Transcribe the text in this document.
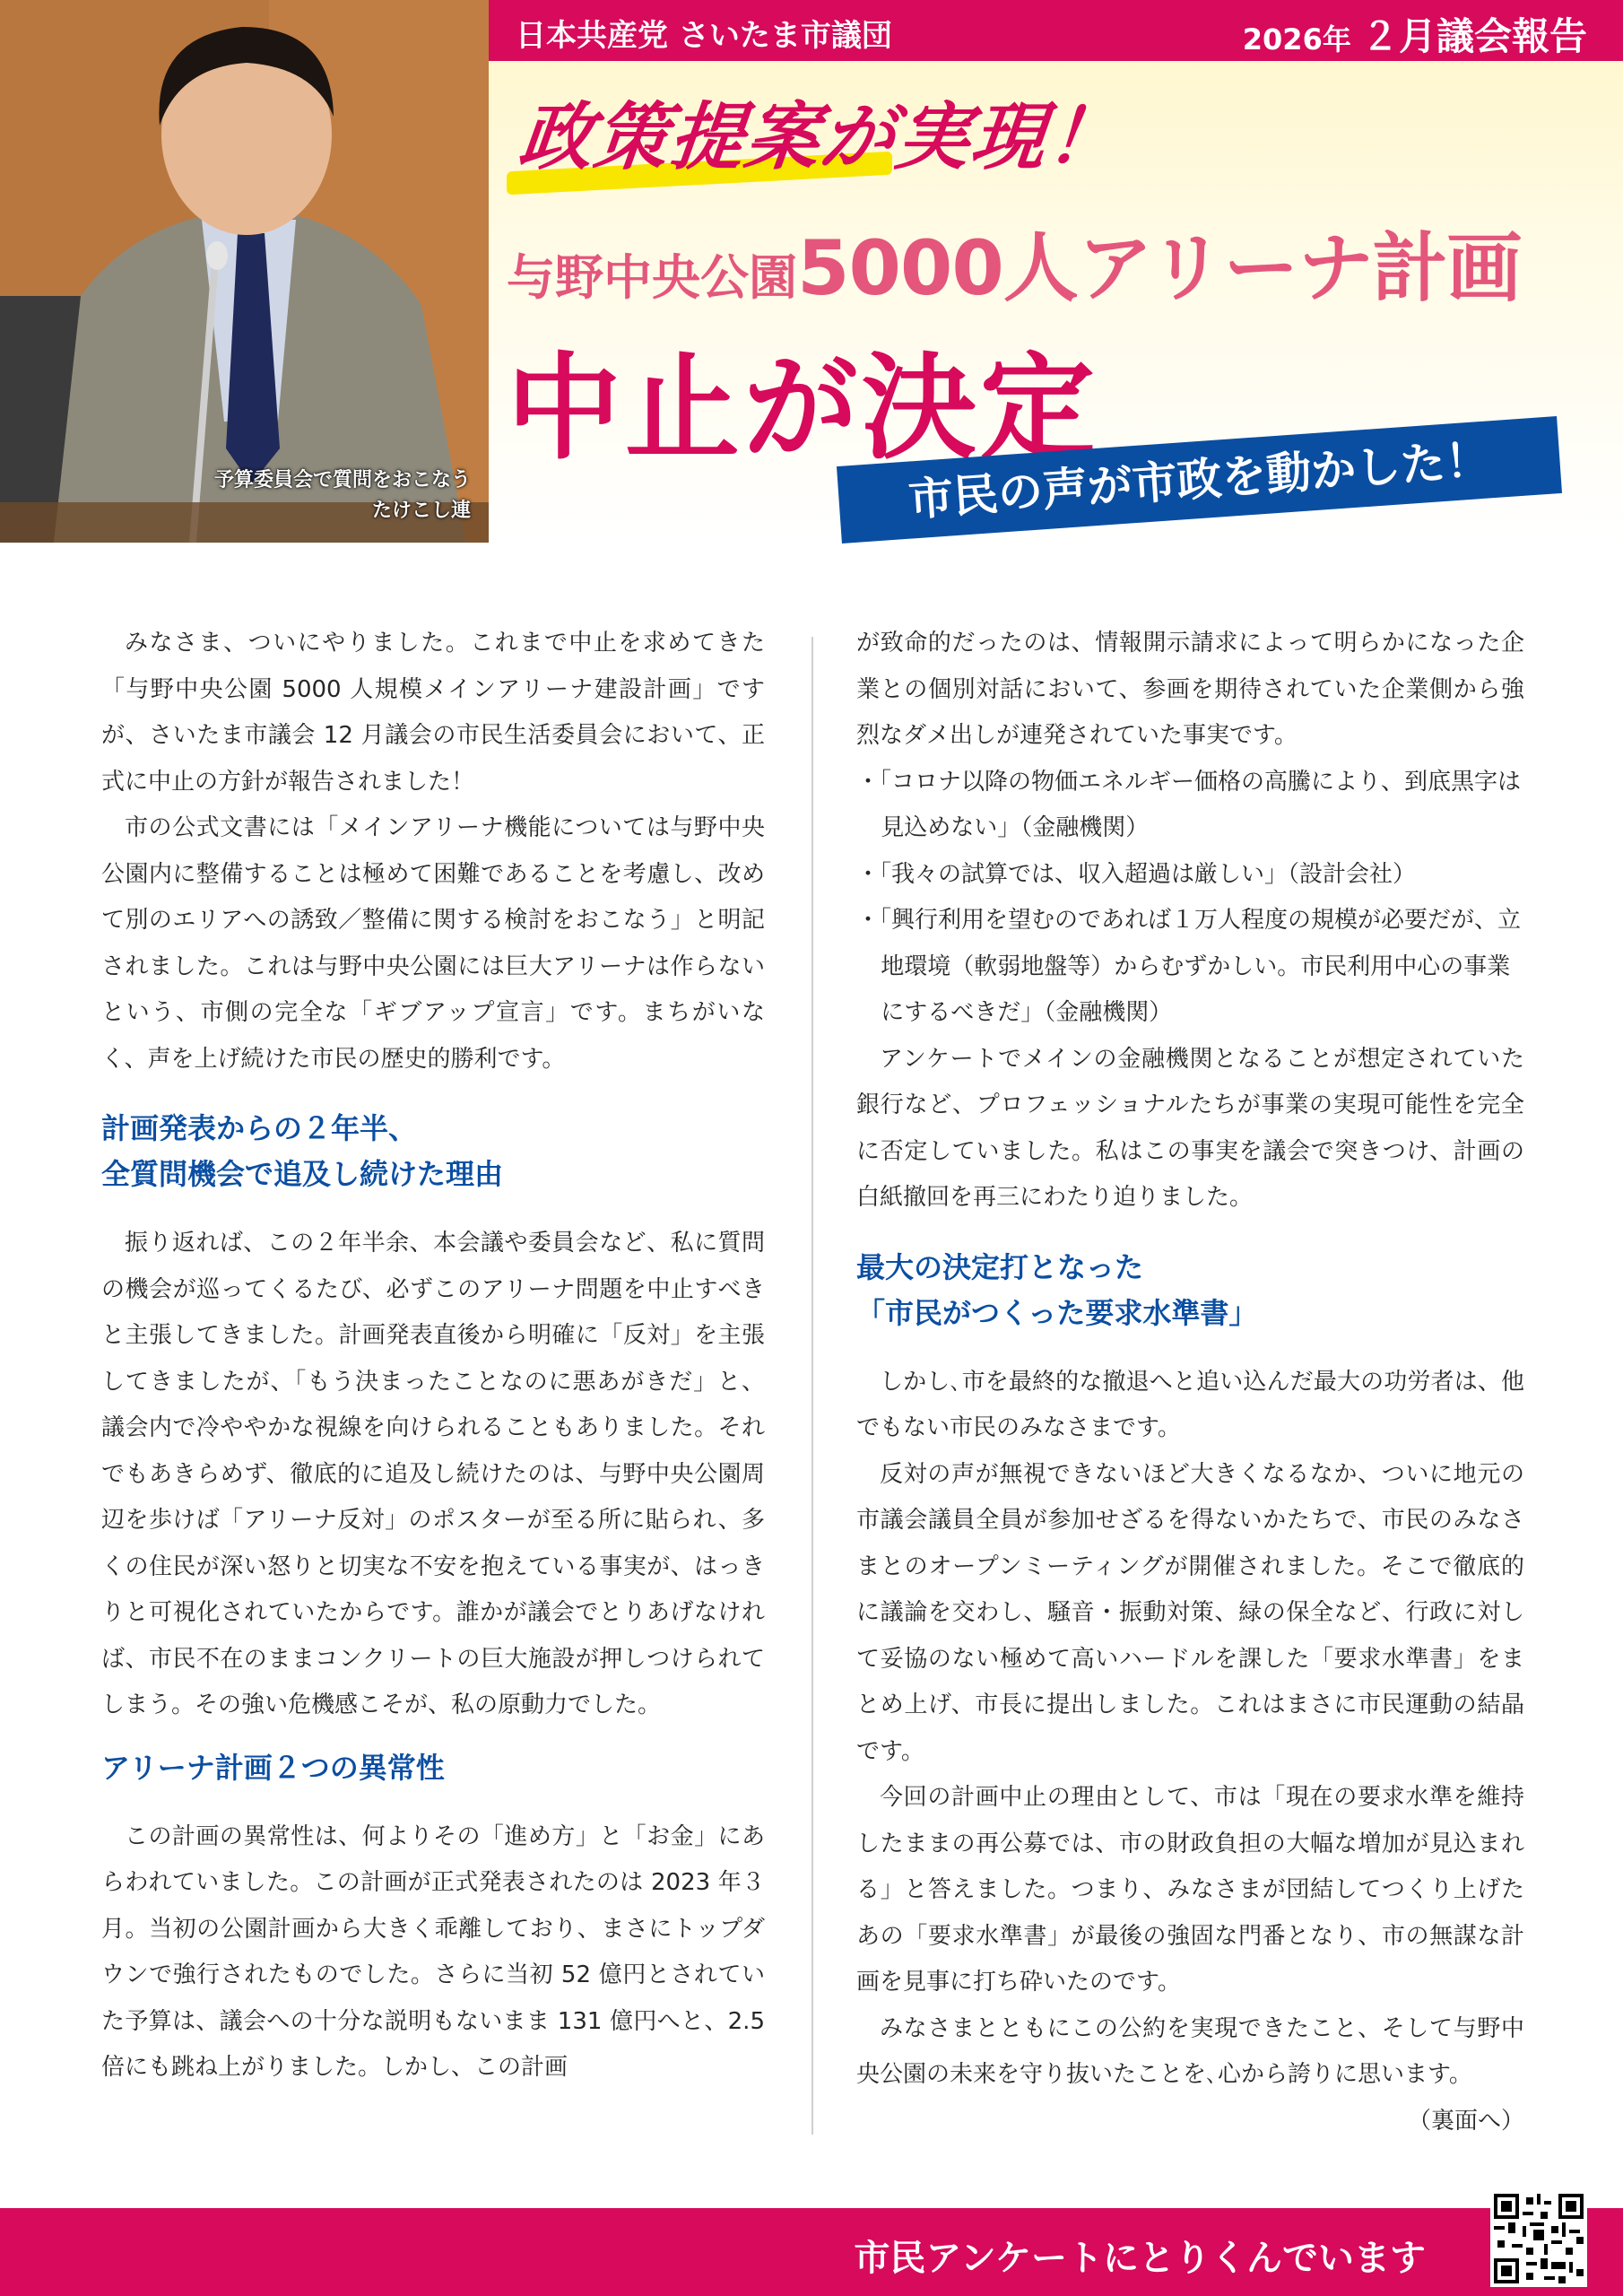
予算委員会で質問をおこなう
たけこし連
日本共産党 さいたま市議団	2026年 ２月議会報告
政策提案が実現！
与野中央公園5000人アリーナ計画
中止が決定
市民の声が市政を動かした！

みなさま、ついにやりました。これまで中止を求めてきた「与野中央公園 5000 人規模メインアリーナ建設計画」ですが、さいたま市議会 12 月議会の市民生活委員会において、正式に中止の方針が報告されました！

市の公式文書には「メインアリーナ機能については与野中央公園内に整備することは極めて困難であることを考慮し、改めて別のエリアへの誘致／整備に関する検討をおこなう」と明記されました。これは与野中央公園には巨大アリーナは作らないという、市側の完全な「ギブアップ宣言」です。まちがいなく、声を上げ続けた市民の歴史的勝利です。

計画発表からの２年半、
全質問機会で追及し続けた理由

振り返れば、この２年半余、本会議や委員会など、私に質問の機会が巡ってくるたび、必ずこのアリーナ問題を中止すべきと主張してきました。計画発表直後から明確に「反対」を主張してきましたが、「もう決まったことなのに悪あがきだ」と、議会内で冷ややかな視線を向けられることもありました。それでもあきらめず、徹底的に追及し続けたのは、与野中央公園周辺を歩けば「アリーナ反対」のポスターが至る所に貼られ、多くの住民が深い怒りと切実な不安を抱えている事実が、はっきりと可視化されていたからです。誰かが議会でとりあげなければ、市民不在のままコンクリートの巨大施設が押しつけられてしまう。その強い危機感こそが、私の原動力でした。

アリーナ計画２つの異常性

この計画の異常性は、何よりその「進め方」と「お金」にあらわれていました。この計画が正式発表されたのは 2023 年３月。当初の公園計画から大きく乖離しており、まさにトップダウンで強行されたものでした。さらに当初 52 億円とされていた予算は、議会への十分な説明もないまま 131 億円へと、2.5 倍にも跳ね上がりました。しかし、この計画

が致命的だったのは、情報開示請求によって明らかになった企業との個別対話において、参画を期待されていた企業側から強烈なダメ出しが連発されていた事実です。

・「コロナ以降の物価エネルギー価格の高騰により、到底黒字は見込めない」（金融機関）

・「我々の試算では、収入超過は厳しい」（設計会社）

・「興行利用を望むのであれば１万人程度の規模が必要だが、立地環境（軟弱地盤等）からむずかしい。市民利用中心の事業にするべきだ」（金融機関）

アンケートでメインの金融機関となることが想定されていた銀行など、プロフェッショナルたちが事業の実現可能性を完全に否定していました。私はこの事実を議会で突きつけ、計画の白紙撤回を再三にわたり迫りました。

最大の決定打となった
「市民がつくった要求水準書」

しかし､市を最終的な撤退へと追い込んだ最大の功労者は、他でもない市民のみなさまです。

反対の声が無視できないほど大きくなるなか、ついに地元の市議会議員全員が参加せざるを得ないかたちで、市民のみなさまとのオープンミーティングが開催されました。そこで徹底的に議論を交わし、騒音・振動対策、緑の保全など、行政に対して妥協のない極めて高いハードルを課した「要求水準書」をまとめ上げ、市長に提出しました。これはまさに市民運動の結晶です。

今回の計画中止の理由として、市は「現在の要求水準を維持したままの再公募では、市の財政負担の大幅な増加が見込まれる」と答えました。つまり、みなさまが団結してつくり上げたあの「要求水準書」が最後の強固な門番となり、市の無謀な計画を見事に打ち砕いたのです。

みなさまとともにこの公約を実現できたこと、そして与野中央公園の未来を守り抜いたことを､心から誇りに思います。

（裏面へ）

市民アンケートにとりくんでいます
